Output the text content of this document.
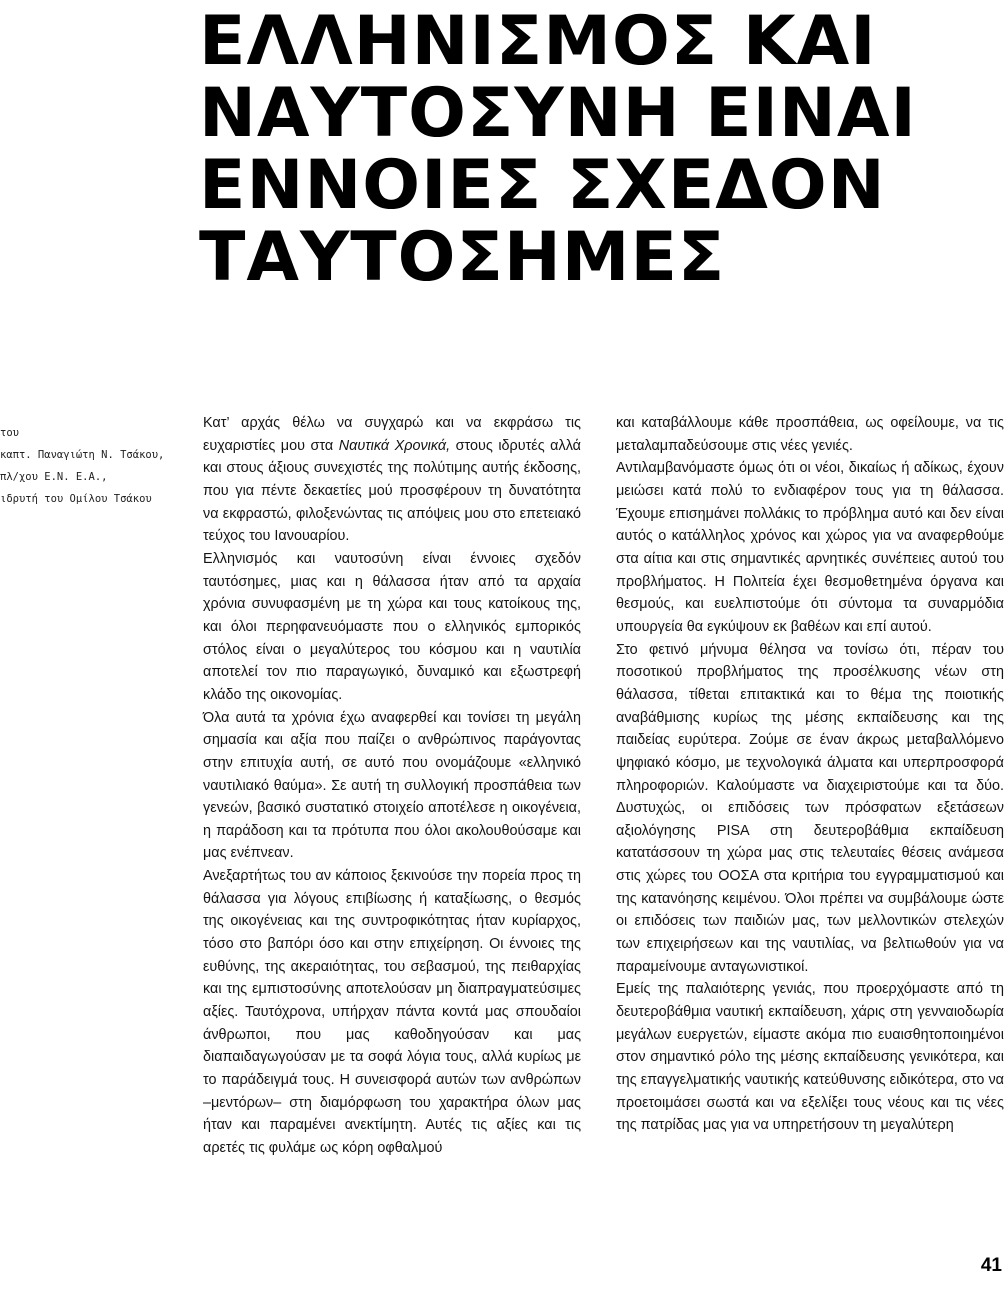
ΕΛΛΗΝΙΣΜΟΣ ΚΑΙ
ΝΑΥΤΟΣΥΝΗ ΕΙΝΑΙ
ΕΝΝΟΙΕΣ ΣΧΕΔΟΝ
ΤΑΥΤΟΣΗΜΕΣ
του
καπτ. Παναγιώτη Ν. Τσάκου,
πλ/χου Ε.Ν. Ε.Α.,
ιδρυτή του Ομίλου Τσάκου

Κατ’ αρχάς θέλω να συγχαρώ και να εκφράσω τις ευχαριστίες μου στα Ναυτικά Χρονικά, στους ιδρυτές αλλά και στους άξιους συνεχιστές της πολύτιμης αυτής έκδοσης, που για πέντε δεκαετίες μού προσφέρουν τη δυνατότητα να εκφραστώ, φιλοξενώντας τις απόψεις μου στο επετειακό τεύχος του Ιανουαρίου.

Ελληνισμός και ναυτοσύνη είναι έννοιες σχεδόν ταυτόσημες, μιας και η θάλασσα ήταν από τα αρχαία χρόνια συνυφασμένη με τη χώρα και τους κατοίκους της, και όλοι περηφανευόμαστε που ο ελληνικός εμπορικός στόλος είναι ο μεγαλύτερος του κόσμου και η ναυτιλία αποτελεί τον πιο παραγωγικό, δυναμικό και εξωστρεφή κλάδο της οικονομίας.

Όλα αυτά τα χρόνια έχω αναφερθεί και τονίσει τη μεγάλη σημασία και αξία που παίζει ο ανθρώπινος παράγοντας στην επιτυχία αυτή, σε αυτό που ονομάζουμε «ελληνικό ναυτιλιακό θαύμα». Σε αυτή τη συλλογική προσπάθεια των γενεών, βασικό συστατικό στοιχείο αποτέλεσε η οικογένεια, η παράδοση και τα πρότυπα που όλοι ακολουθούσαμε και μας ενέπνεαν.

Ανεξαρτήτως του αν κάποιος ξεκινούσε την πορεία προς τη θάλασσα για λόγους επιβίωσης ή καταξίωσης, ο θεσμός της οικογένειας και της συντροφικότητας ήταν κυρίαρχος, τόσο στο βαπόρι όσο και στην επιχείρηση. Οι έννοιες της ευθύνης, της ακεραιότητας, του σεβασμού, της πειθαρχίας και της εμπιστοσύνης αποτελούσαν μη διαπραγματεύσιμες αξίες. Ταυτόχρονα, υπήρχαν πάντα κοντά μας σπουδαίοι άνθρωποι, που μας καθοδηγούσαν και μας διαπαιδαγωγούσαν με τα σοφά λόγια τους, αλλά κυρίως με το παράδειγμά τους. Η συνεισφορά αυτών των ανθρώπων –μεντόρων– στη διαμόρφωση του χαρακτήρα όλων μας ήταν και παραμένει ανεκτίμητη. Αυτές τις αξίες και τις αρετές τις φυλάμε ως κόρη οφθαλμού

και καταβάλλουμε κάθε προσπάθεια, ως οφείλουμε, να τις μεταλαμπαδεύσουμε στις νέες γενιές.

Αντιλαμβανόμαστε όμως ότι οι νέοι, δικαίως ή αδίκως, έχουν μειώσει κατά πολύ το ενδιαφέρον τους για τη θάλασσα. Έχουμε επισημάνει πολλάκις το πρόβλημα αυτό και δεν είναι αυτός ο κατάλληλος χρόνος και χώρος για να αναφερθούμε στα αίτια και στις σημαντικές αρνητικές συνέπειες αυτού του προβλήματος. Η Πολιτεία έχει θεσμοθετημένα όργανα και θεσμούς, και ευελπιστούμε ότι σύντομα τα συναρμόδια υπουργεία θα εγκύψουν εκ βαθέων και επί αυτού.

Στο φετινό μήνυμα θέλησα να τονίσω ότι, πέραν του ποσοτικού προβλήματος της προσέλκυσης νέων στη θάλασσα, τίθεται επιτακτικά και το θέμα της ποιοτικής αναβάθμισης κυρίως της μέσης εκπαίδευσης και της παιδείας ευρύτερα. Ζούμε σε έναν άκρως μεταβαλλόμενο ψηφιακό κόσμο, με τεχνολογικά άλματα και υπερπροσφορά πληροφοριών. Καλούμαστε να διαχειριστούμε και τα δύο. Δυστυχώς, οι επιδόσεις των πρόσφατων εξετάσεων αξιολόγησης PISA στη δευτεροβάθμια εκπαίδευση κατατάσσουν τη χώρα μας στις τελευταίες θέσεις ανάμεσα στις χώρες του ΟΟΣΑ στα κριτήρια του εγγραμματισμού και της κατανόησης κειμένου. Όλοι πρέπει να συμβάλουμε ώστε οι επιδόσεις των παιδιών μας, των μελλοντικών στελεχών των επιχειρήσεων και της ναυτιλίας, να βελτιωθούν για να παραμείνουμε ανταγωνιστικοί.

Εμείς της παλαιότερης γενιάς, που προερχόμαστε από τη δευτεροβάθμια ναυτική εκπαίδευση, χάρις στη γενναιοδωρία μεγάλων ευεργετών, είμαστε ακόμα πιο ευαισθητοποιημένοι στον σημαντικό ρόλο της μέσης εκπαίδευσης γενικότερα, και της επαγγελματικής ναυτικής κατεύθυνσης ειδικότερα, στο να προετοιμάσει σωστά και να εξελίξει τους νέους και τις νέες της πατρίδας μας για να υπηρετήσουν τη μεγαλύτερη

41
